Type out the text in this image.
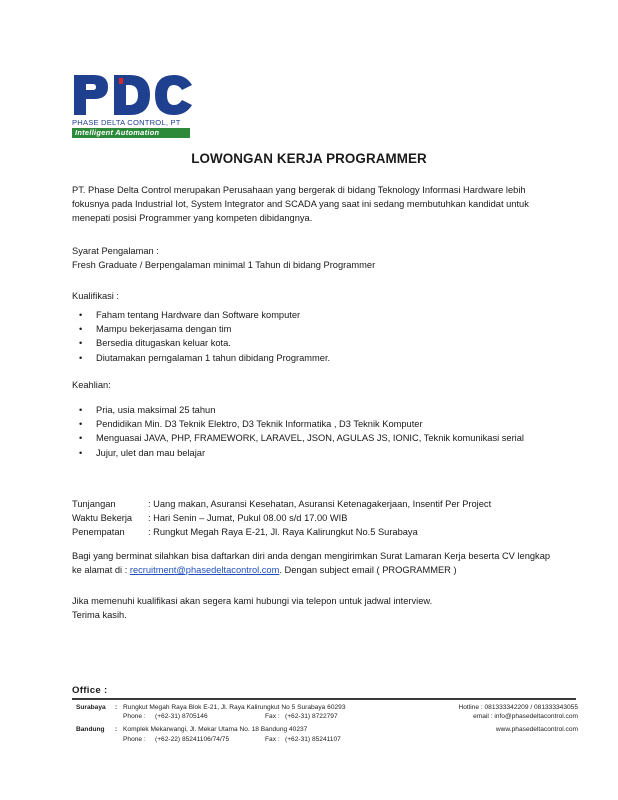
PHASE DELTA CONTROL, PT
Intelligent Automation
LOWONGAN KERJA PROGRAMMER

PT. Phase Delta Control merupakan Perusahaan yang bergerak di bidang Teknology Informasi Hardware lebih fokusnya pada Industrial Iot, System Integrator and SCADA yang saat ini sedang membutuhkan kandidat untuk menepati posisi Programmer yang kompeten dibidangnya.

Syarat Pengalaman :

Fresh Graduate / Berpengalaman minimal 1 Tahun di bidang Programmer

Kualifikasi :

• Faham tentang Hardware dan Software komputer
• Mampu bekerjasama dengan tim
• Bersedia ditugaskan keluar kota.
• Diutamakan perngalaman 1 tahun dibidang Programmer.

Keahlian:

• Pria, usia maksimal 25 tahun
• Pendidikan Min. D3 Teknik Elektro, D3 Teknik Informatika , D3 Teknik Komputer
• Menguasai JAVA, PHP, FRAMEWORK, LARAVEL, JSON, AGULAS JS, IONIC, Teknik komunikasi serial
• Jujur, ulet dan mau belajar
Tunjangan	: Uang makan, Asuransi Kesehatan, Asuransi Ketenagakerjaan, Insentif Per Project
Waktu Bekerja	: Hari Senin – Jumat, Pukul 08.00 s/d 17.00 WIB
Penempatan	: Rungkut Megah Raya E-21, Jl. Raya Kalirungkut No.5 Surabaya
Bagi yang berminat silahkan bisa daftarkan diri anda dengan mengirimkan Surat Lamaran Kerja beserta CV lengkap ke alamat di : recruitment@phasedeltacontrol.com. Dengan subject email ( PROGRAMMER )
Jika memenuhi kualifikasi akan segera kami hubungi via telepon untuk jadwal interview.
Terima kasih.
Office :
Surabaya : Rungkut Megah Raya Blok E-21, Jl. Raya Kalirungkut No 5 Surabaya 60293	Hotline : 081333342209 / 081333343055
Phone : (+62-31) 8705146	Fax : (+62-31) 8722797	email : info@phasedeltacontrol.com
Bandung : Komplek Mekarwangi, Jl. Mekar Utama No. 18 Bandung 40237	www.phasedeltacontrol.com
Phone : (+62-22) 85241106/74/75	Fax : (+62-31) 85241107
